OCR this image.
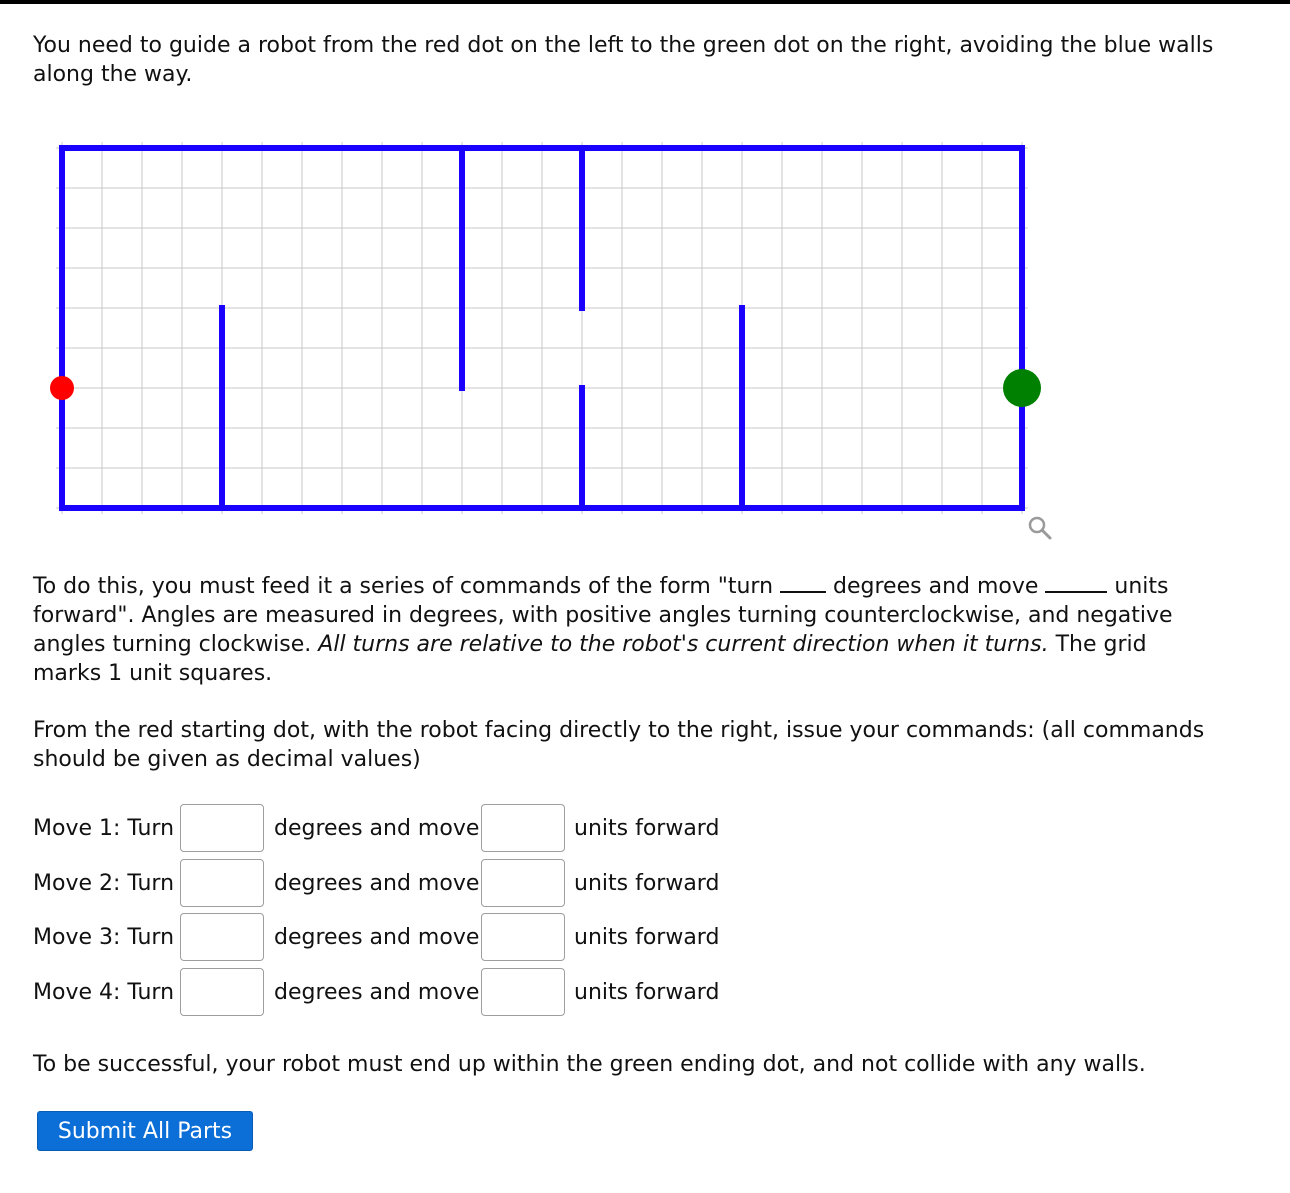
You need to guide a robot from the red dot on the left to the green dot on the right, avoiding the blue walls along the way.

To do this, you must feed it a series of commands of the form "turn	degrees and move	units forward". Angles are measured in degrees, with positive angles turning counterclockwise, and negative angles turning clockwise. All turns are relative to the robot's current direction when it turns. The grid marks 1 unit squares.

From the red starting dot, with the robot facing directly to the right, issue your commands: (all commands should be given as decimal values)

Move 1: Turn	degrees and move	units forward
Move 2: Turn	degrees and move	units forward
Move 3: Turn	degrees and move	units forward
Move 4: Turn	degrees and move	units forward

To be successful, your robot must end up within the green ending dot, and not collide with any walls.

Submit All Parts
